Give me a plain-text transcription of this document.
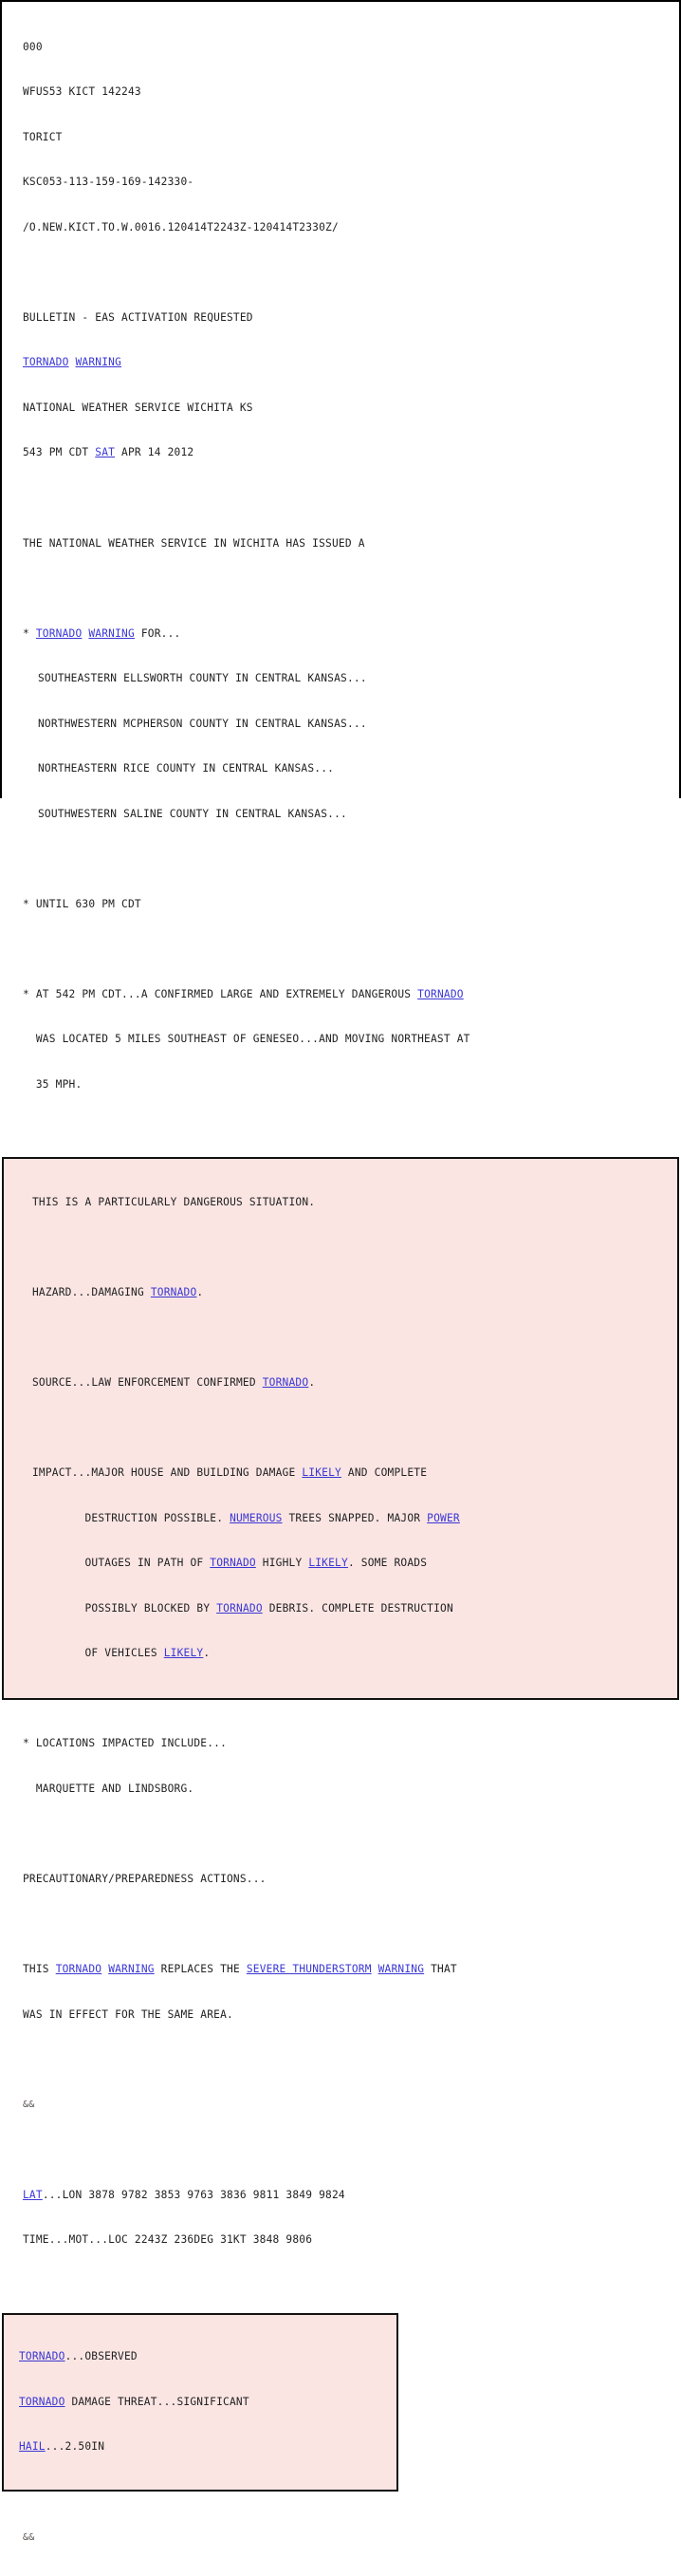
000

WFUS53 KICT 142243

TORICT

KSC053-113-159-169-142330-

/O.NEW.KICT.TO.W.0016.120414T2243Z-120414T2330Z/

BULLETIN - EAS ACTIVATION REQUESTED

TORNADO WARNING

NATIONAL WEATHER SERVICE WICHITA KS

543 PM CDT SAT APR 14 2012

THE NATIONAL WEATHER SERVICE IN WICHITA HAS ISSUED A

* TORNADO WARNING FOR...

SOUTHEASTERN ELLSWORTH COUNTY IN CENTRAL KANSAS...

NORTHWESTERN MCPHERSON COUNTY IN CENTRAL KANSAS...

NORTHEASTERN RICE COUNTY IN CENTRAL KANSAS...

SOUTHWESTERN SALINE COUNTY IN CENTRAL KANSAS...

* UNTIL 630 PM CDT

* AT 542 PM CDT...A CONFIRMED LARGE AND EXTREMELY DANGEROUS TORNADO

WAS LOCATED 5 MILES SOUTHEAST OF GENESEO...AND MOVING NORTHEAST AT

35 MPH.

THIS IS A PARTICULARLY DANGEROUS SITUATION.

HAZARD...DAMAGING TORNADO.

SOURCE...LAW ENFORCEMENT CONFIRMED TORNADO.

IMPACT...MAJOR HOUSE AND BUILDING DAMAGE LIKELY AND COMPLETE

DESTRUCTION POSSIBLE. NUMEROUS TREES SNAPPED. MAJOR POWER

OUTAGES IN PATH OF TORNADO HIGHLY LIKELY. SOME ROADS

POSSIBLY BLOCKED BY TORNADO DEBRIS. COMPLETE DESTRUCTION

OF VEHICLES LIKELY.

* LOCATIONS IMPACTED INCLUDE...

MARQUETTE AND LINDSBORG.

PRECAUTIONARY/PREPAREDNESS ACTIONS...

THIS TORNADO WARNING REPLACES THE SEVERE THUNDERSTORM WARNING THAT

WAS IN EFFECT FOR THE SAME AREA.

&&

LAT...LON 3878 9782 3853 9763 3836 9811 3849 9824

TIME...MOT...LOC 2243Z 236DEG 31KT 3848 9806

TORNADO...OBSERVED

TORNADO DAMAGE THREAT...SIGNIFICANT

HAIL...2.50IN

&&
